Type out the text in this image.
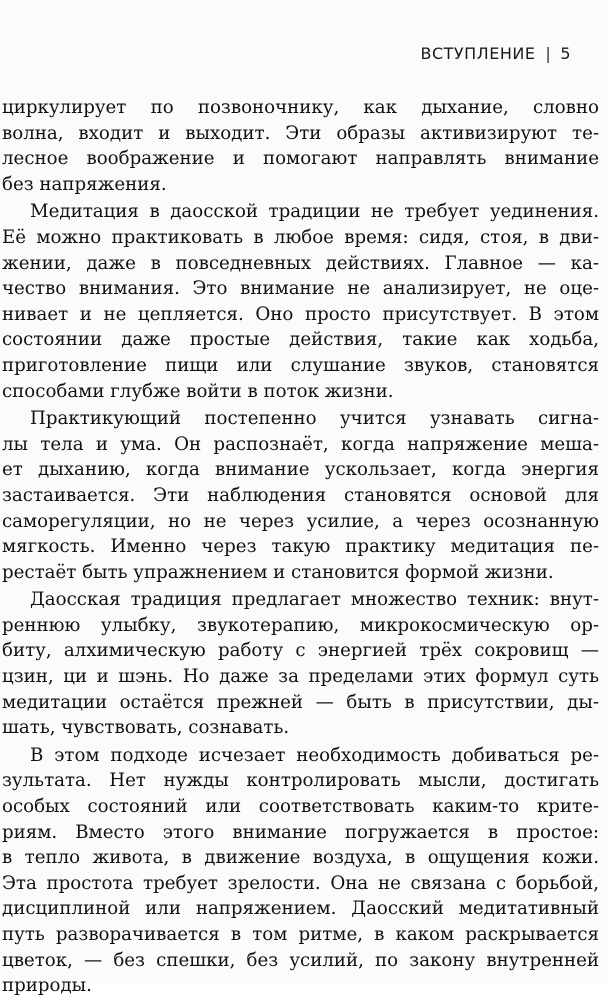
ВСТУПЛЕНИЕ | 5
циркулирует по позвоночнику, как дыхание, словно
волна, входит и выходит. Эти образы активизируют те-
лесное воображение и помогают направлять внимание
без напряжения.
Медитация в даосской традиции не требует уединения.
Её можно практиковать в любое время: сидя, стоя, в дви-
жении, даже в повседневных действиях. Главное — ка-
чество внимания. Это внимание не анализирует, не оце-
нивает и не цепляется. Оно просто присутствует. В этом
состоянии даже простые действия, такие как ходьба,
приготовление пищи или слушание звуков, становятся
способами глубже войти в поток жизни.
Практикующий постепенно учится узнавать сигна-
лы тела и ума. Он распознаёт, когда напряжение меша-
ет дыханию, когда внимание ускользает, когда энергия
застаивается. Эти наблюдения становятся основой для
саморегуляции, но не через усилие, а через осознанную
мягкость. Именно через такую практику медитация пе-
рестаёт быть упражнением и становится формой жизни.
Даосская традиция предлагает множество техник: внут-
реннюю улыбку, звукотерапию, микрокосмическую ор-
биту, алхимическую работу с энергией трёх сокровищ —
цзин, ци и шэнь. Но даже за пределами этих формул суть
медитации остаётся прежней — быть в присутствии, ды-
шать, чувствовать, сознавать.
В этом подходе исчезает необходимость добиваться ре-
зультата. Нет нужды контролировать мысли, достигать
особых состояний или соответствовать каким-то крите-
риям. Вместо этого внимание погружается в простое:
в тепло живота, в движение воздуха, в ощущения кожи.
Эта простота требует зрелости. Она не связана с борьбой,
дисциплиной или напряжением. Даосский медитативный
путь разворачивается в том ритме, в каком раскрывается
цветок, — без спешки, без усилий, по закону внутренней
природы.
